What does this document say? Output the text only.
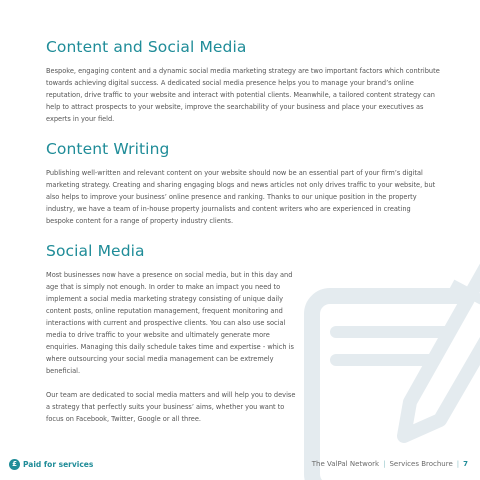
Content and Social Media

Bespoke, engaging content and a dynamic social media marketing strategy are two important factors which contribute towards achieving digital success. A dedicated social media presence helps you to manage your brand’s online reputation, drive traffic to your website and interact with potential clients. Meanwhile, a tailored content strategy can help to attract prospects to your website, improve the searchability of your business and place your executives as experts in your field.

Content Writing

Publishing well-written and relevant content on your website should now be an essential part of your firm’s digital marketing strategy. Creating and sharing engaging blogs and news articles not only drives traffic to your website, but also helps to improve your business’ online presence and ranking. Thanks to our unique position in the property industry, we have a team of in-house property journalists and content writers who are experienced in creating bespoke content for a range of property industry clients.

Social Media

Most businesses now have a presence on social media, but in this day and age that is simply not enough. In order to make an impact you need to implement a social media marketing strategy consisting of unique daily content posts, online reputation management, frequent monitoring and interactions with current and prospective clients. You can also use social media to drive traffic to your website and ultimately generate more enquiries. Managing this daily schedule takes time and expertise - which is where outsourcing your social media management can be extremely beneficial.

Our team are dedicated to social media matters and will help you to devise a strategy that perfectly suits your business’ aims, whether you want to focus on Facebook, Twitter, Google or all three.

£ Paid for services	The ValPal Network | Services Brochure | 7
